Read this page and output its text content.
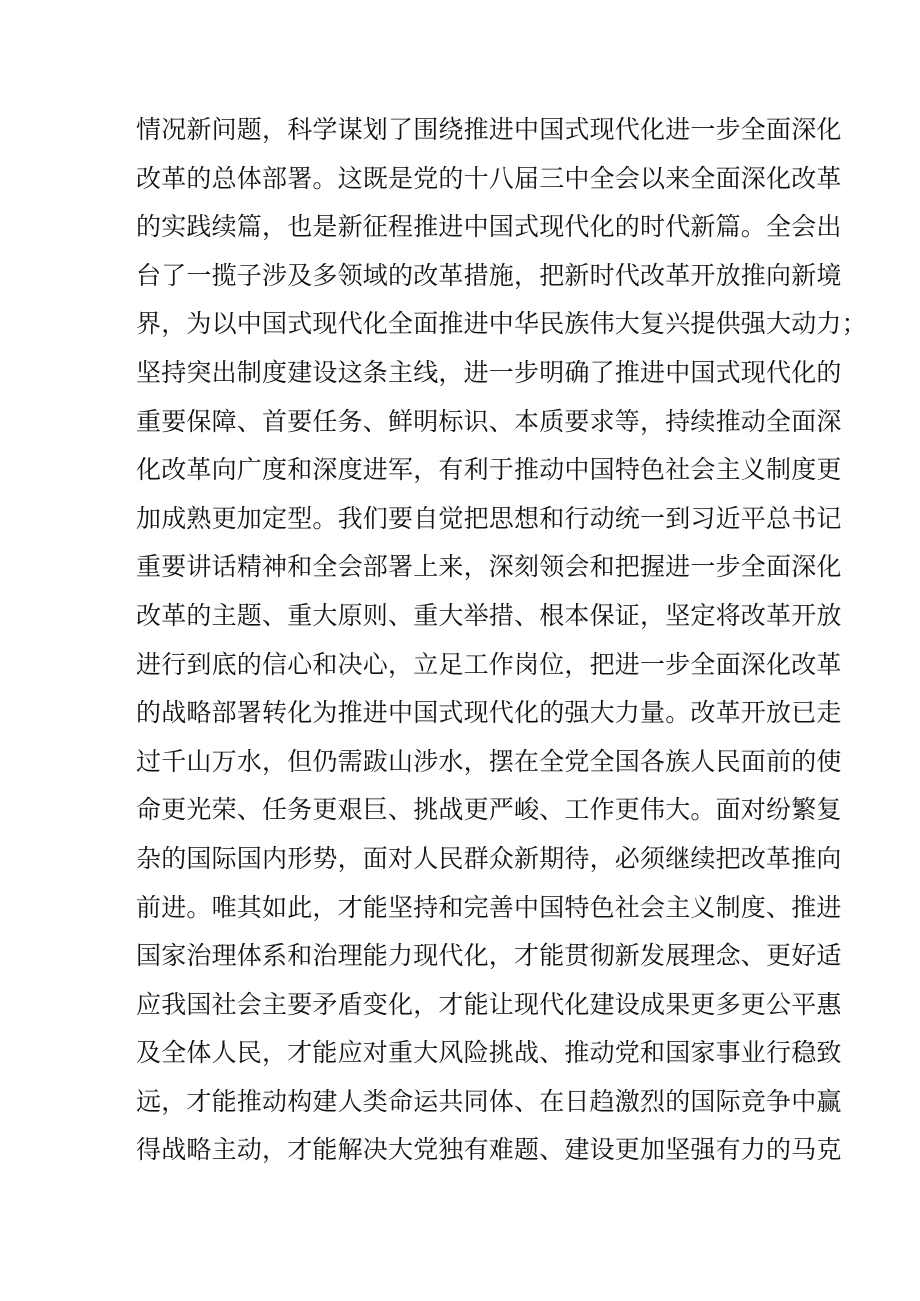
情况新问题，科学谋划了围绕推进中国式现代化进一步全面深化
改革的总体部署。这既是党的十八届三中全会以来全面深化改革
的实践续篇，也是新征程推进中国式现代化的时代新篇。全会出
台了一揽子涉及多领域的改革措施，把新时代改革开放推向新境
界，为以中国式现代化全面推进中华民族伟大复兴提供强大动力；
坚持突出制度建设这条主线，进一步明确了推进中国式现代化的
重要保障、首要任务、鲜明标识、本质要求等，持续推动全面深
化改革向广度和深度进军，有利于推动中国特色社会主义制度更
加成熟更加定型。我们要自觉把思想和行动统一到习近平总书记
重要讲话精神和全会部署上来，深刻领会和把握进一步全面深化
改革的主题、重大原则、重大举措、根本保证，坚定将改革开放
进行到底的信心和决心，立足工作岗位，把进一步全面深化改革
的战略部署转化为推进中国式现代化的强大力量。改革开放已走
过千山万水，但仍需跋山涉水，摆在全党全国各族人民面前的使
命更光荣、任务更艰巨、挑战更严峻、工作更伟大。面对纷繁复
杂的国际国内形势，面对人民群众新期待，必须继续把改革推向
前进。唯其如此，才能坚持和完善中国特色社会主义制度、推进
国家治理体系和治理能力现代化，才能贯彻新发展理念、更好适
应我国社会主要矛盾变化，才能让现代化建设成果更多更公平惠
及全体人民，才能应对重大风险挑战、推动党和国家事业行稳致
远，才能推动构建人类命运共同体、在日趋激烈的国际竞争中赢
得战略主动，才能解决大党独有难题、建设更加坚强有力的马克
